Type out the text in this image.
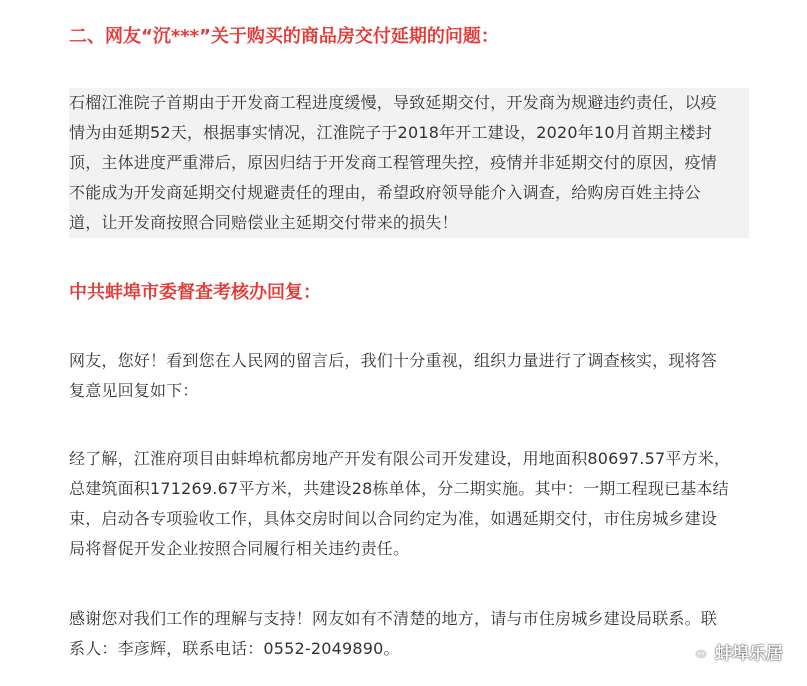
二、网友“沉***”关于购买的商品房交付延期的问题：
石榴江淮院子首期由于开发商工程进度缓慢，导致延期交付，开发商为规避违约责任，以疫
情为由延期52天，根据事实情况，江淮院子于2018年开工建设，2020年10月首期主楼封
顶，主体进度严重滞后，原因归结于开发商工程管理失控，疫情并非延期交付的原因，疫情
不能成为开发商延期交付规避责任的理由，希望政府领导能介入调查，给购房百姓主持公
道，让开发商按照合同赔偿业主延期交付带来的损失！
中共蚌埠市委督查考核办回复：
网友，您好！看到您在人民网的留言后，我们十分重视，组织力量进行了调查核实，现将答
复意见回复如下：
经了解，江淮府项目由蚌埠杭都房地产开发有限公司开发建设，用地面积80697.57平方米，
总建筑面积171269.67平方米，共建设28栋单体，分二期实施。其中：一期工程现已基本结
束，启动各专项验收工作，具体交房时间以合同约定为准，如遇延期交付，市住房城乡建设
局将督促开发企业按照合同履行相关违约责任。
感谢您对我们工作的理解与支持！网友如有不清楚的地方，请与市住房城乡建设局联系。联
系人：李彦辉，联系电话：0552-2049890。	蚌埠乐居
